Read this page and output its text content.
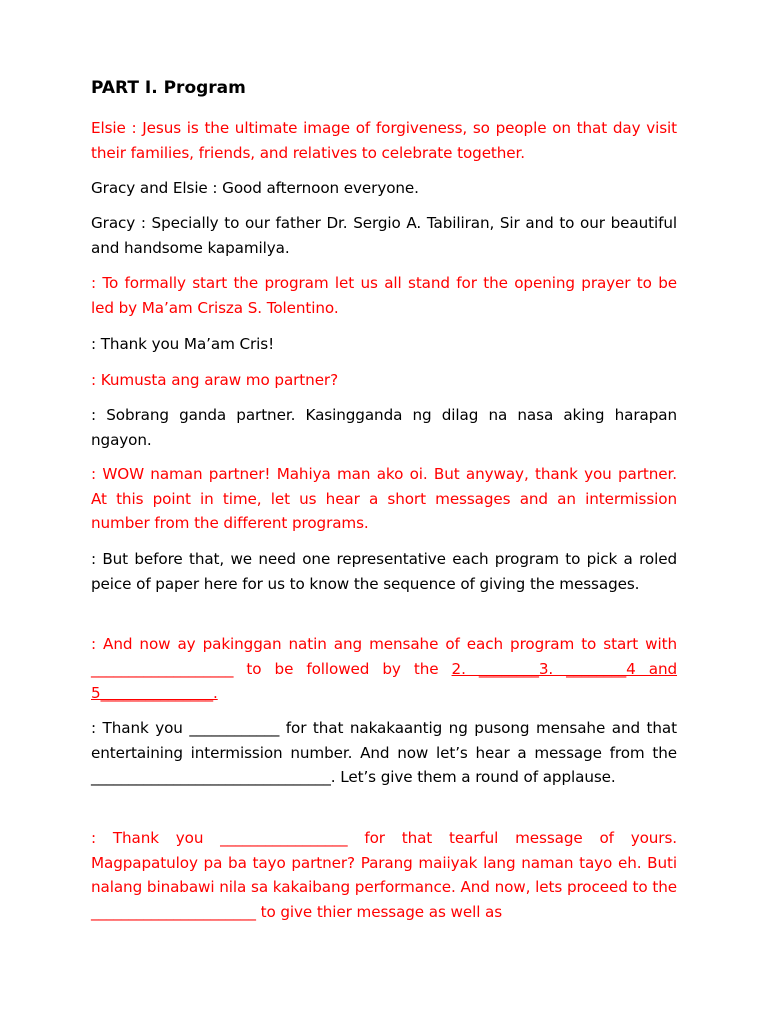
PART I. Program

Elsie : Jesus is the ultimate image of forgiveness, so people on that day visit their families, friends, and relatives to celebrate together.

Gracy and Elsie : Good afternoon everyone.

Gracy : Specially to our father Dr. Sergio A. Tabiliran, Sir and to our beautiful and handsome kapamilya.

: To formally start the program let us all stand for the opening prayer to be led by Ma’am Crisza S. Tolentino.

: Thank you Ma’am Cris!

: Kumusta ang araw mo partner?

: Sobrang ganda partner. Kasingganda ng dilag na nasa aking harapan ngayon.

: WOW naman partner! Mahiya man ako oi. But anyway, thank you partner. At this point in time, let us hear a short messages and an intermission number from the different programs.

: But before that, we need one representative each program to pick a roled peice of paper here for us to know the sequence of giving the messages.

: And now ay pakinggan natin ang mensahe of each program to start with ___________________ to be followed by the 2. ________3. ________4 and 5_______________.

: Thank you ____________ for that nakakaantig ng pusong mensahe and that entertaining intermission number. And now let’s hear a message from the ________________________________. Let’s give them a round of applause.

: Thank you _________________ for that tearful message of yours. Magpapatuloy pa ba tayo partner? Parang maiiyak lang naman tayo eh. Buti nalang binabawi nila sa kakaibang performance. And now, lets proceed to the ______________________ to give thier message as well as
